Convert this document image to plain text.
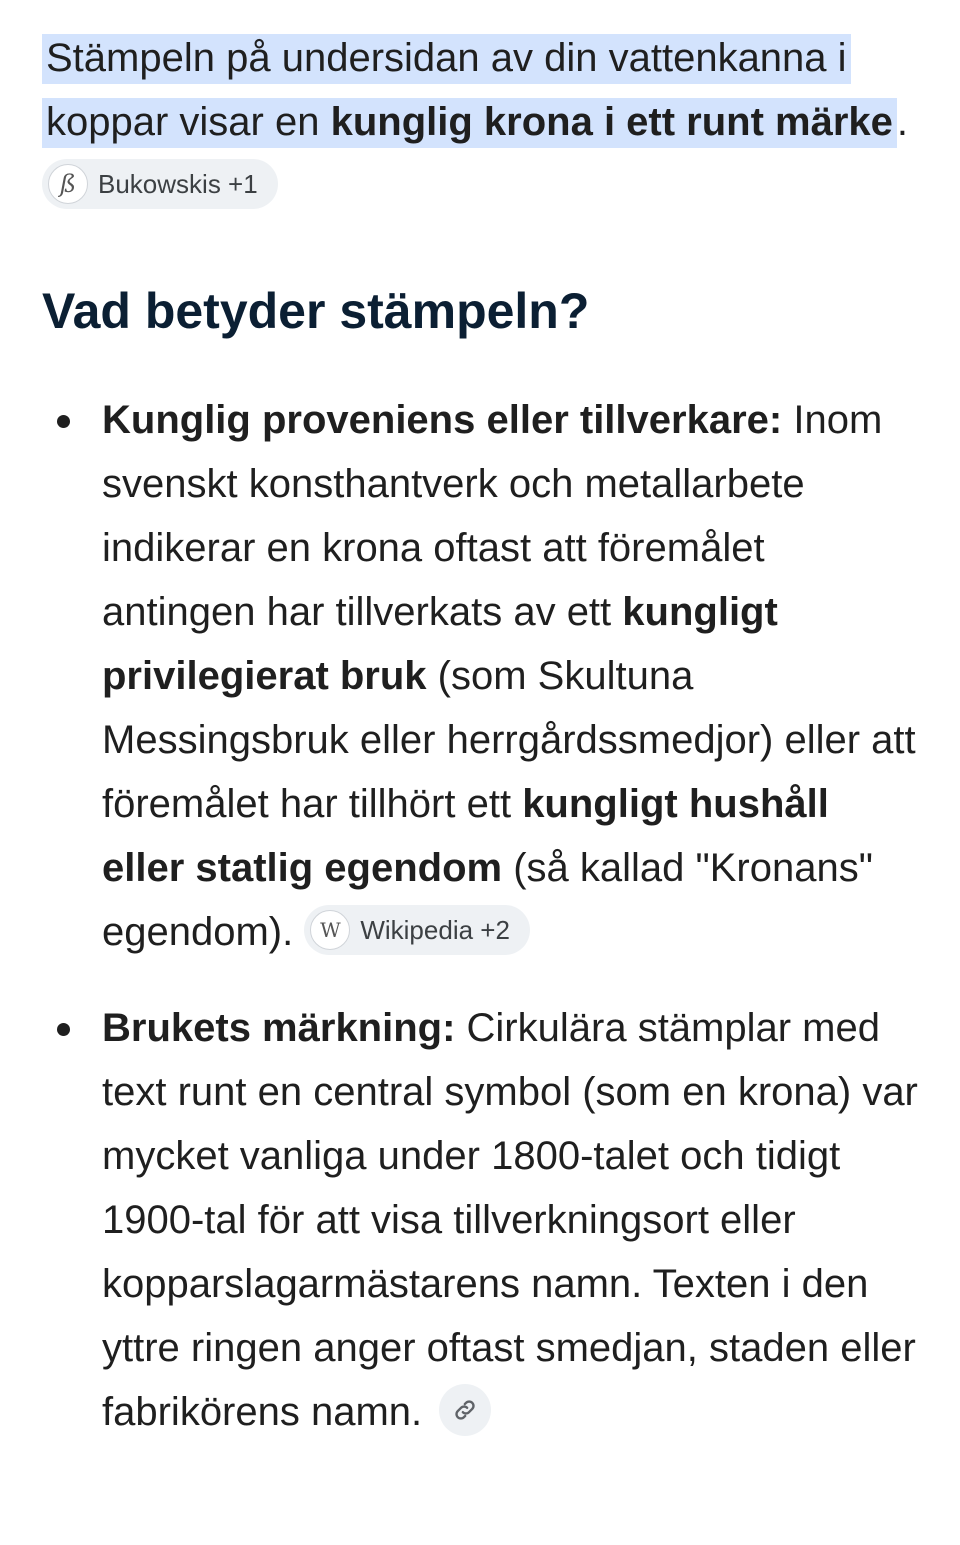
Stämpeln på undersidan av din vattenkanna i koppar visar en kunglig krona i ett runt märke .
ß Bukowskis +1

Vad betyder stämpeln?
Kunglig proveniens eller tillverkare: Inom svenskt konsthantverk och metallarbete indikerar en krona oftast att föremålet antingen har tillverkats av ett kungligt privilegierat bruk (som Skultuna Messingsbruk eller herrgårdssmedjor) eller att föremålet har tillhört ett kungligt hushåll eller statlig egendom (så kallad "Kronans" egendom). W Wikipedia +2
Brukets märkning: Cirkulära stämplar med text runt en central symbol (som en krona) var mycket vanliga under 1800-talet och tidigt 1900-tal för att visa tillverkningsort eller kopparslagarmästarens namn. Texten i den yttre ringen anger oftast smedjan, staden eller fabrikörens namn.
